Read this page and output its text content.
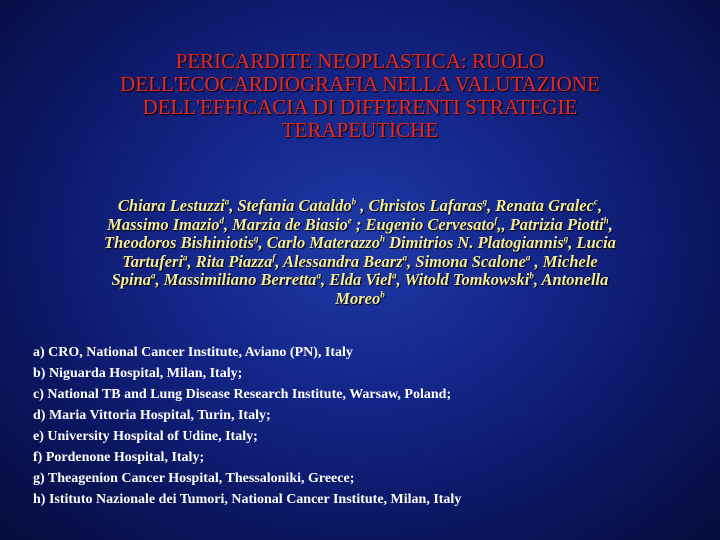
PERICARDITE NEOPLASTICA: RUOLO
DELL'ECOCARDIOGRAFIA NELLA VALUTAZIONE
DELL'EFFICACIA DI DIFFERENTI STRATEGIE
TERAPEUTICHE
Chiara Lestuzzi$^a$, Stefania Cataldo$^b$ , Christos Lafaras$^g$, Renata Gralec$^c$,
Massimo Imazio$^d$, Marzia de Biasio$^e$ ; Eugenio Cervesato$^f$,, Patrizia Piotti$^h$,
Theodoros Bishiniotis$^g$, Carlo Materazzo$^h$ Dimitrios N. Platogiannis$^g$, Lucia
Tartuferi$^a$, Rita Piazza$^f$, Alessandra Bearz$^a$, Simona Scalone$^a$ , Michele
Spina$^a$, Massimiliano Berretta$^a$, Elda Viel$^a$, Witold Tomkowski$^b$, Antonella
Moreo$^b$
a) CRO, National Cancer Institute, Aviano (PN), Italy
b) Niguarda Hospital, Milan, Italy;
c) National TB and Lung Disease Research Institute, Warsaw, Poland;
d) Maria Vittoria Hospital, Turin, Italy;
e) University Hospital of Udine, Italy;
f) Pordenone Hospital, Italy;
g) Theagenion Cancer Hospital, Thessaloniki, Greece;
h) Istituto Nazionale dei Tumori, National Cancer Institute, Milan, Italy
